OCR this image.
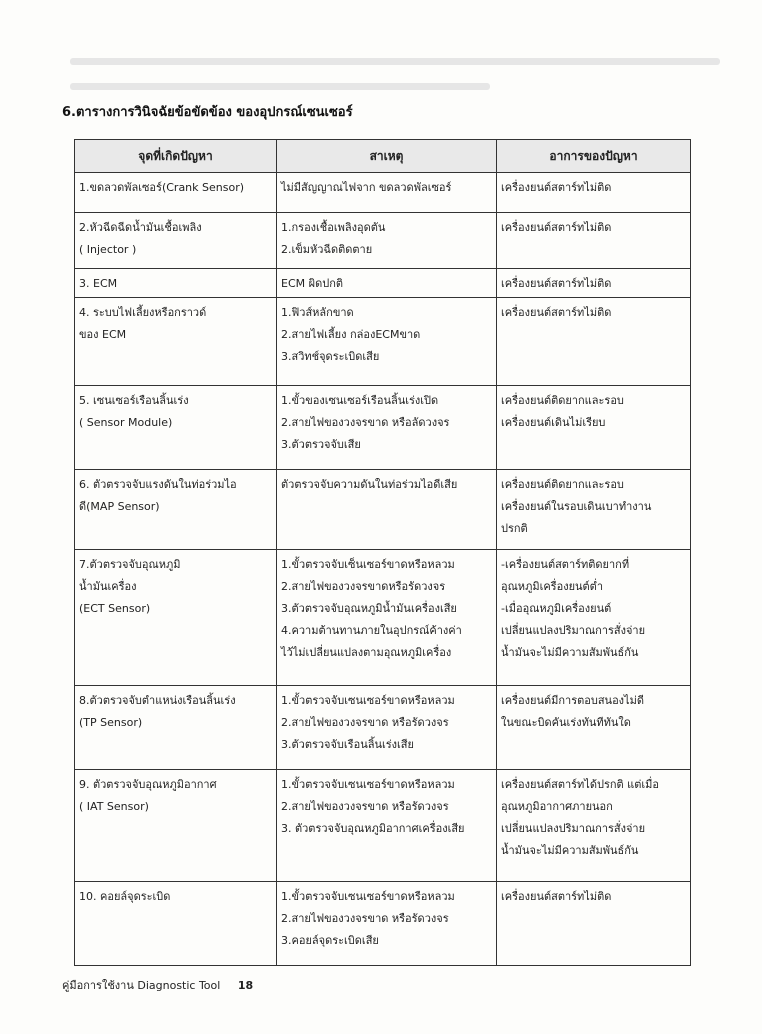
6.ตารางการวินิจฉัยข้อขัดข้อง ของอุปกรณ์เซนเซอร์
จุดที่เกิดปัญหา	สาเหตุ	อาการของปัญหา

1.ขดลวดพัลเซอร์(Crank Sensor)	ไม่มีสัญญาณไฟจาก ขดลวดพัลเซอร์	เครื่องยนต์สตาร์ทไม่ติด

2.หัวฉีดฉีดน้ำมันเชื้อเพลิง
( Injector )	1.กรองเชื้อเพลิงอุดตัน
2.เข็มหัวฉีดติดตาย	เครื่องยนต์สตาร์ทไม่ติด

3. ECM	ECM ผิดปกติ	เครื่องยนต์สตาร์ทไม่ติด

4. ระบบไฟเลี้ยงหรือกราวด์
ของ ECM	1.ฟิวส์หลักขาด
2.สายไฟเลี้ยง กล่องECMขาด
3.สวิทช์จุดระเบิดเสีย	เครื่องยนต์สตาร์ทไม่ติด

5. เซนเซอร์เรือนลิ้นเร่ง
( Sensor Module)	1.ขั้วของเซนเซอร์เรือนลิ้นเร่งเปิด
2.สายไฟของวงจรขาด หรือลัดวงจร
3.ตัวตรวจจับเสีย	เครื่องยนต์ติดยากและรอบ
เครื่องยนต์เดินไม่เรียบ

6. ตัวตรวจจับแรงดันในท่อร่วมไอ
ดี(MAP Sensor)	ตัวตรวจจับความดันในท่อร่วมไอดีเสีย	เครื่องยนต์ติดยากและรอบ
เครื่องยนต์ในรอบเดินเบาทำงาน
ปรกติ

7.ตัวตรวจจับอุณหภูมิ
น้ำมันเครื่อง
(ECT Sensor)	1.ขั้วตรวจจับเซ็นเซอร์ขาดหรือหลวม
2.สายไฟของวงจรขาดหรือรัดวงจร
3.ตัวตรวจจับอุณหภูมิน้ำมันเครื่องเสีย
4.ความต้านทานภายในอุปกรณ์ค้างค่า
ไว้ไม่เปลี่ยนแปลงตามอุณหภูมิเครื่อง	-เครื่องยนต์สตาร์ทติดยากที่
อุณหภูมิเครื่องยนต์ต่ำ
-เมื่ออุณหภูมิเครื่องยนต์
เปลี่ยนแปลงปริมาณการสั่งจ่าย
น้ำมันจะไม่มีความสัมพันธ์กัน

8.ตัวตรวจจับตำแหน่งเรือนลิ้นเร่ง
(TP Sensor)	1.ขั้วตรวจจับเซนเซอร์ขาดหรือหลวม
2.สายไฟของวงจรขาด หรือรัดวงจร
3.ตัวตรวจจับเรือนลิ้นเร่งเสีย	เครื่องยนต์มีการตอบสนองไม่ดี
ในขณะบิดคันเร่งทันทีทันใด

9. ตัวตรวจจับอุณหภูมิอากาศ
( IAT Sensor)	1.ขั้วตรวจจับเซนเซอร์ขาดหรือหลวม
2.สายไฟของวงจรขาด หรือรัดวงจร
3. ตัวตรวจจับอุณหภูมิอากาศเครื่องเสีย	เครื่องยนต์สตาร์ทได้ปรกติ แต่เมื่อ
อุณหภูมิอากาศภายนอก
เปลี่ยนแปลงปริมาณการสั่งจ่าย
น้ำมันจะไม่มีความสัมพันธ์กัน

10. คอยล์จุดระเบิด	1.ขั้วตรวจจับเซนเซอร์ขาดหรือหลวม
2.สายไฟของวงจรขาด หรือรัดวงจร
3.คอยล์จุดระเบิดเสีย	เครื่องยนต์สตาร์ทไม่ติด
คู่มือการใช้งาน Diagnostic Tool 18
